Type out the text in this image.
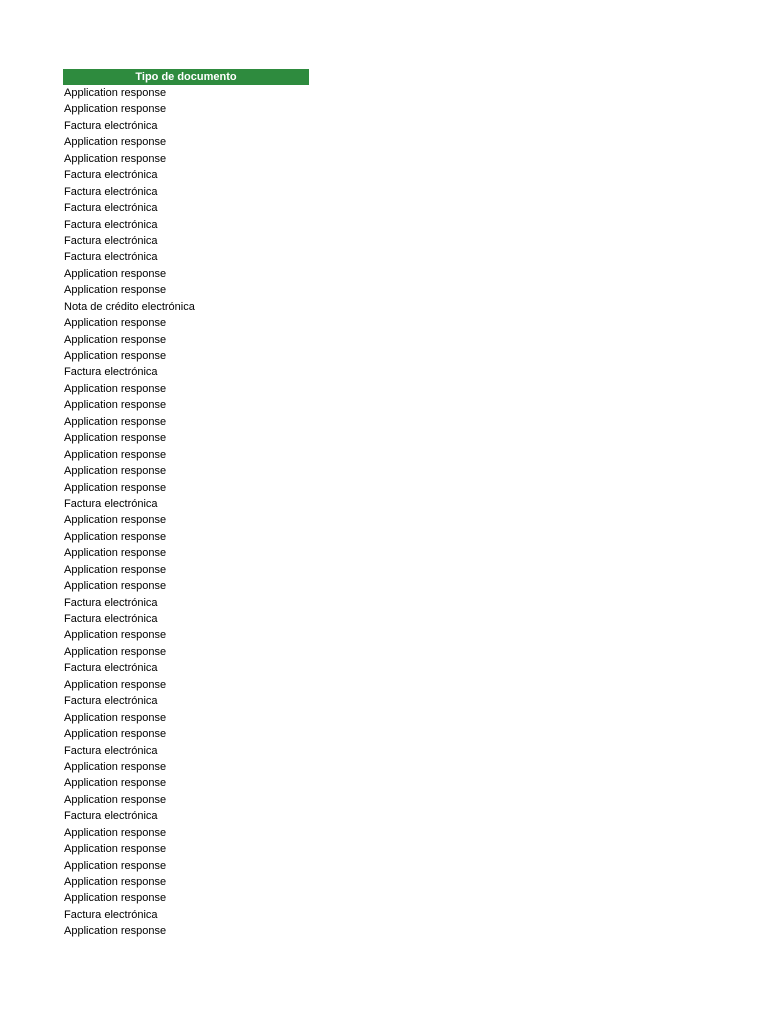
Tipo de documento
Application response
Application response
Factura electrónica
Application response
Application response
Factura electrónica
Factura electrónica
Factura electrónica
Factura electrónica
Factura electrónica
Factura electrónica
Application response
Application response
Nota de crédito electrónica
Application response
Application response
Application response
Factura electrónica
Application response
Application response
Application response
Application response
Application response
Application response
Application response
Factura electrónica
Application response
Application response
Application response
Application response
Application response
Factura electrónica
Factura electrónica
Application response
Application response
Factura electrónica
Application response
Factura electrónica
Application response
Application response
Factura electrónica
Application response
Application response
Application response
Factura electrónica
Application response
Application response
Application response
Application response
Application response
Factura electrónica
Application response
